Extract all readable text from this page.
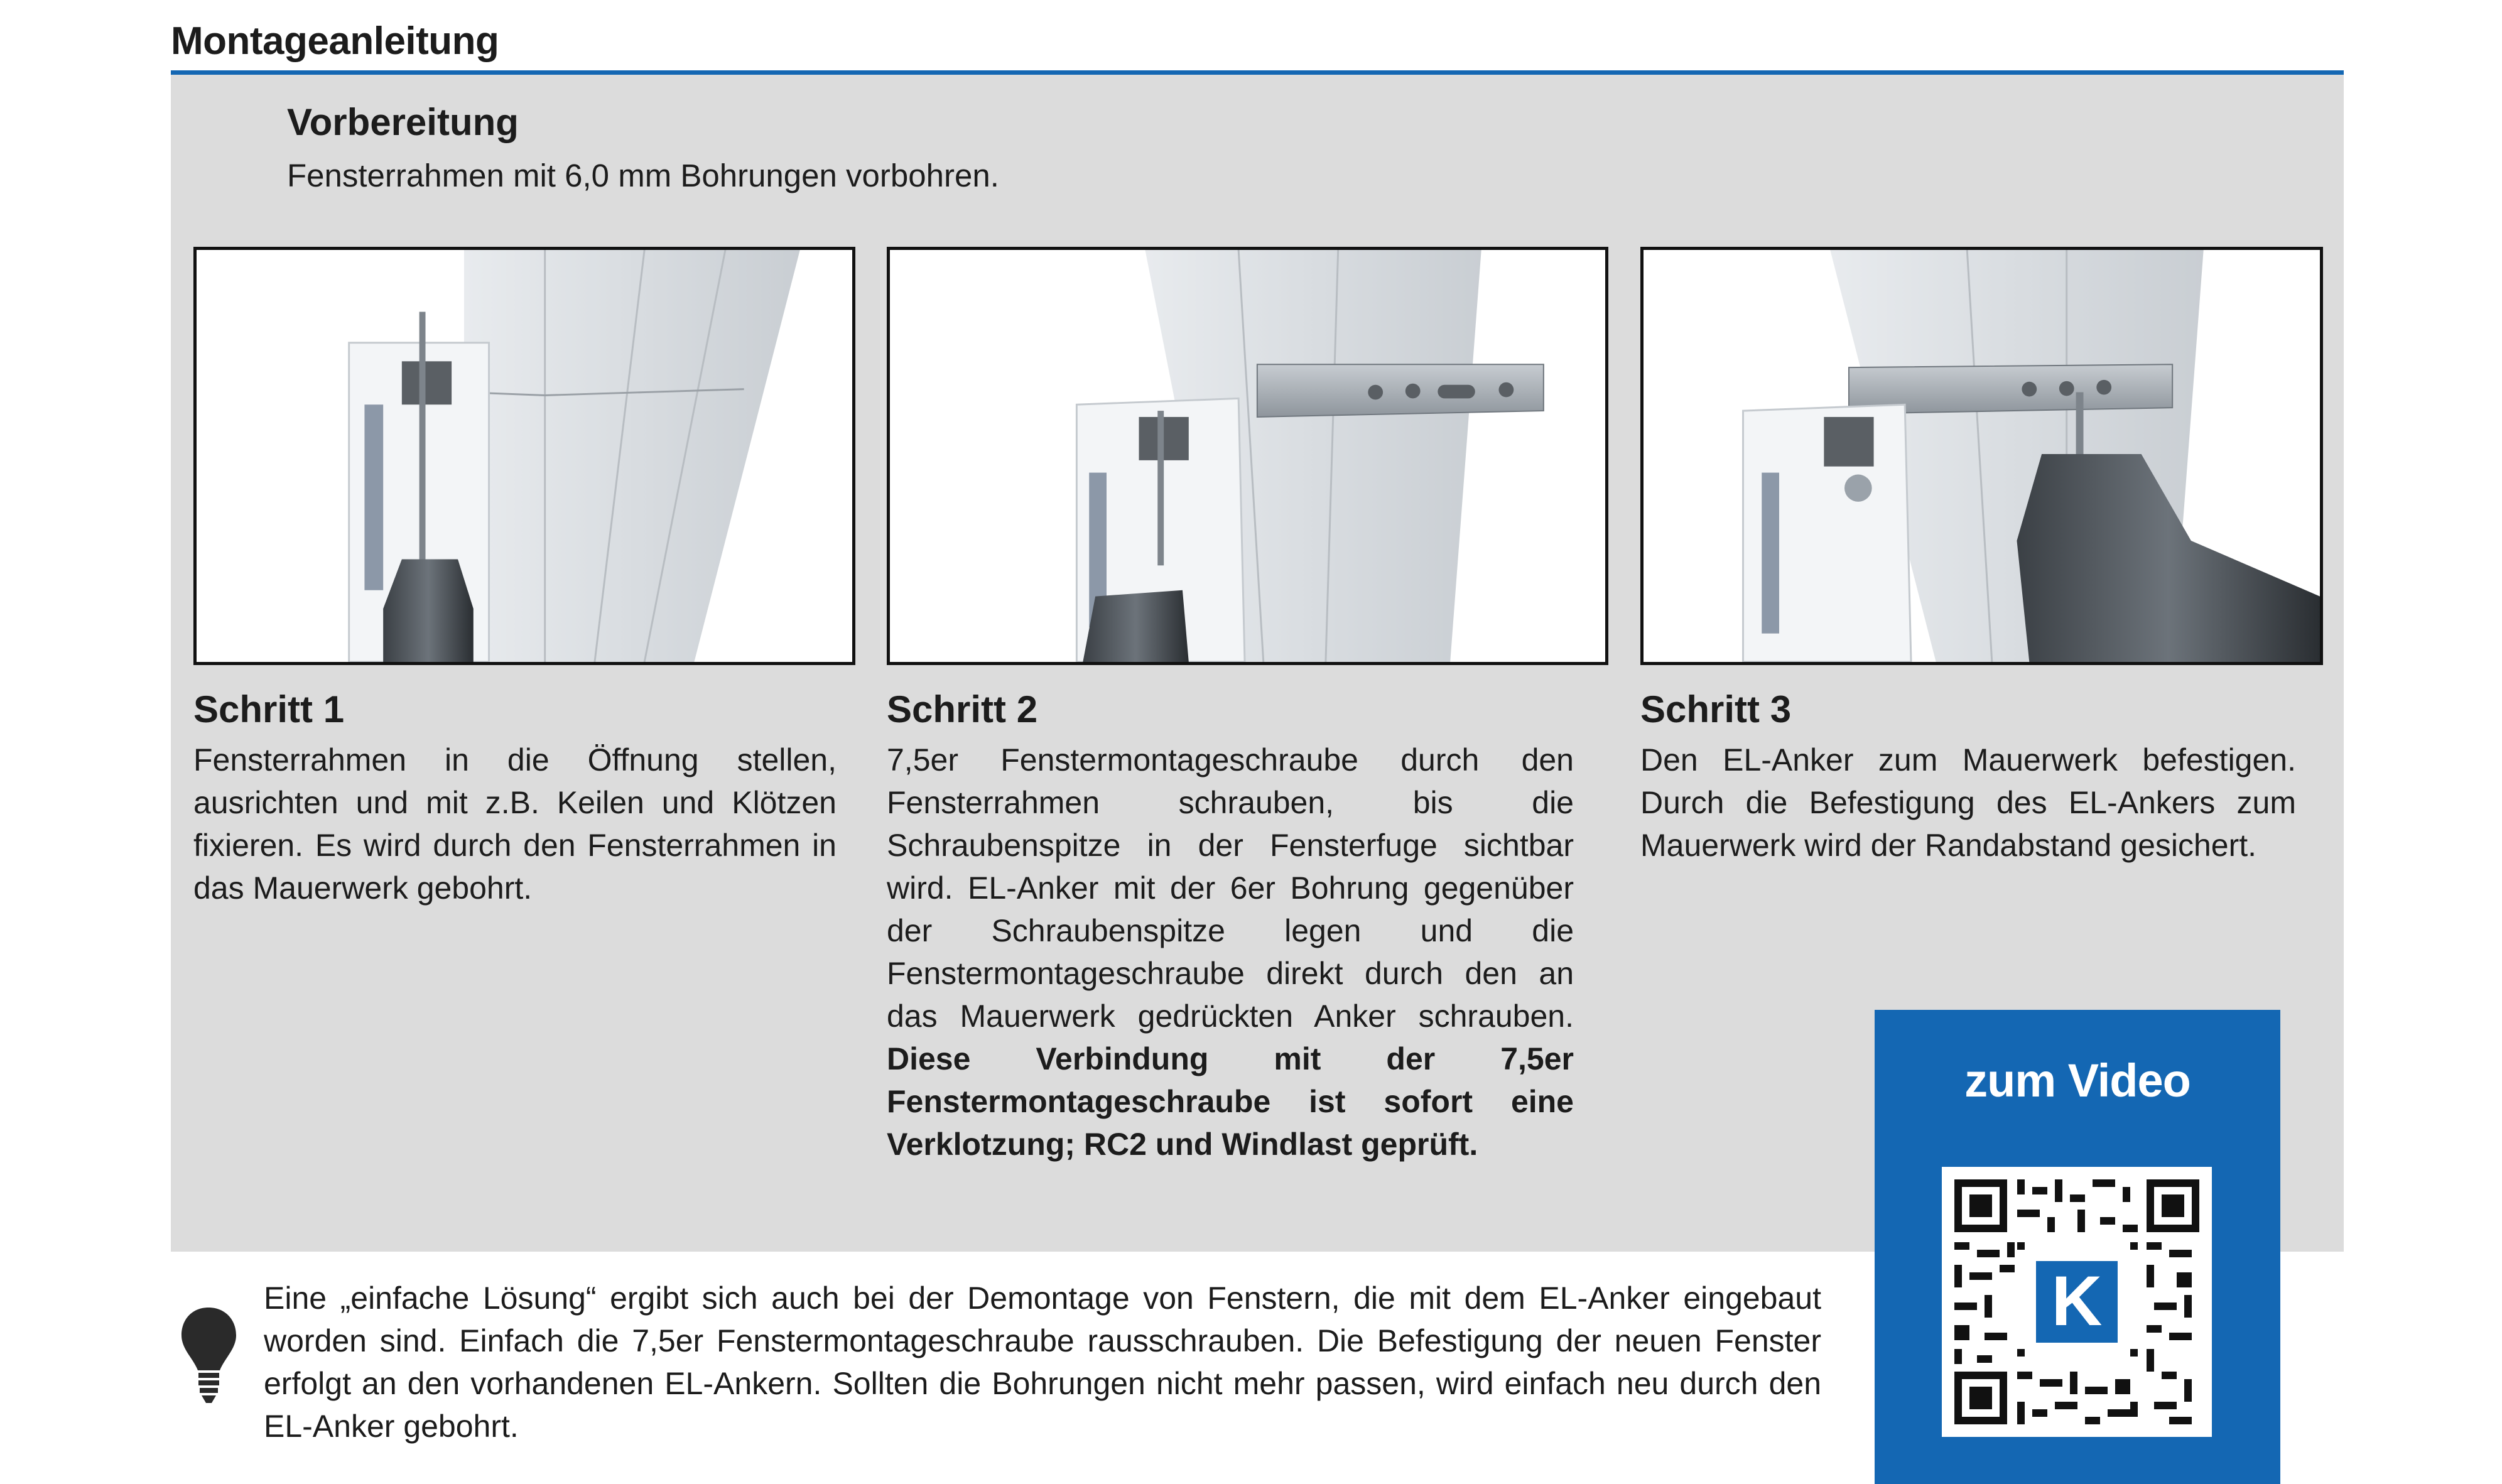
Montageanleitung
Vorbereitung
Fensterrahmen mit 6,0 mm Bohrungen vorbohren.
Schritt 1
Fensterrahmen in die Öffnung stellen, ausrichten und mit z.B. Keilen und Klötzen fixieren. Es wird durch den Fensterrahmen in das Mauerwerk gebohrt.
Schritt 2
7,5er Fenstermontageschraube durch den Fensterrahmen schrauben, bis die Schraubenspitze in der Fensterfuge sichtbar wird. EL-Anker mit der 6er Bohrung gegenüber der Schraubenspitze legen und die Fenstermontageschraube direkt durch den an das Mauerwerk gedrückten Anker schrauben. Diese Verbindung mit der 7,5er Fenstermontageschraube ist sofort eine Verklotzung; RC2 und Windlast geprüft.
Schritt 3
Den EL-Anker zum Mauerwerk befestigen. Durch die Befestigung des EL-Ankers zum Mauerwerk wird der Randabstand gesichert.
zum Video
K
Eine „einfache Lösung“ ergibt sich auch bei der Demontage von Fenstern, die mit dem EL-Anker eingebaut worden sind. Einfach die 7,5er Fenstermontageschraube rausschrauben. Die Befestigung der neuen Fenster erfolgt an den vorhandenen EL-Ankern. Sollten die Bohrungen nicht mehr passen, wird einfach neu durch den EL-Anker gebohrt.
